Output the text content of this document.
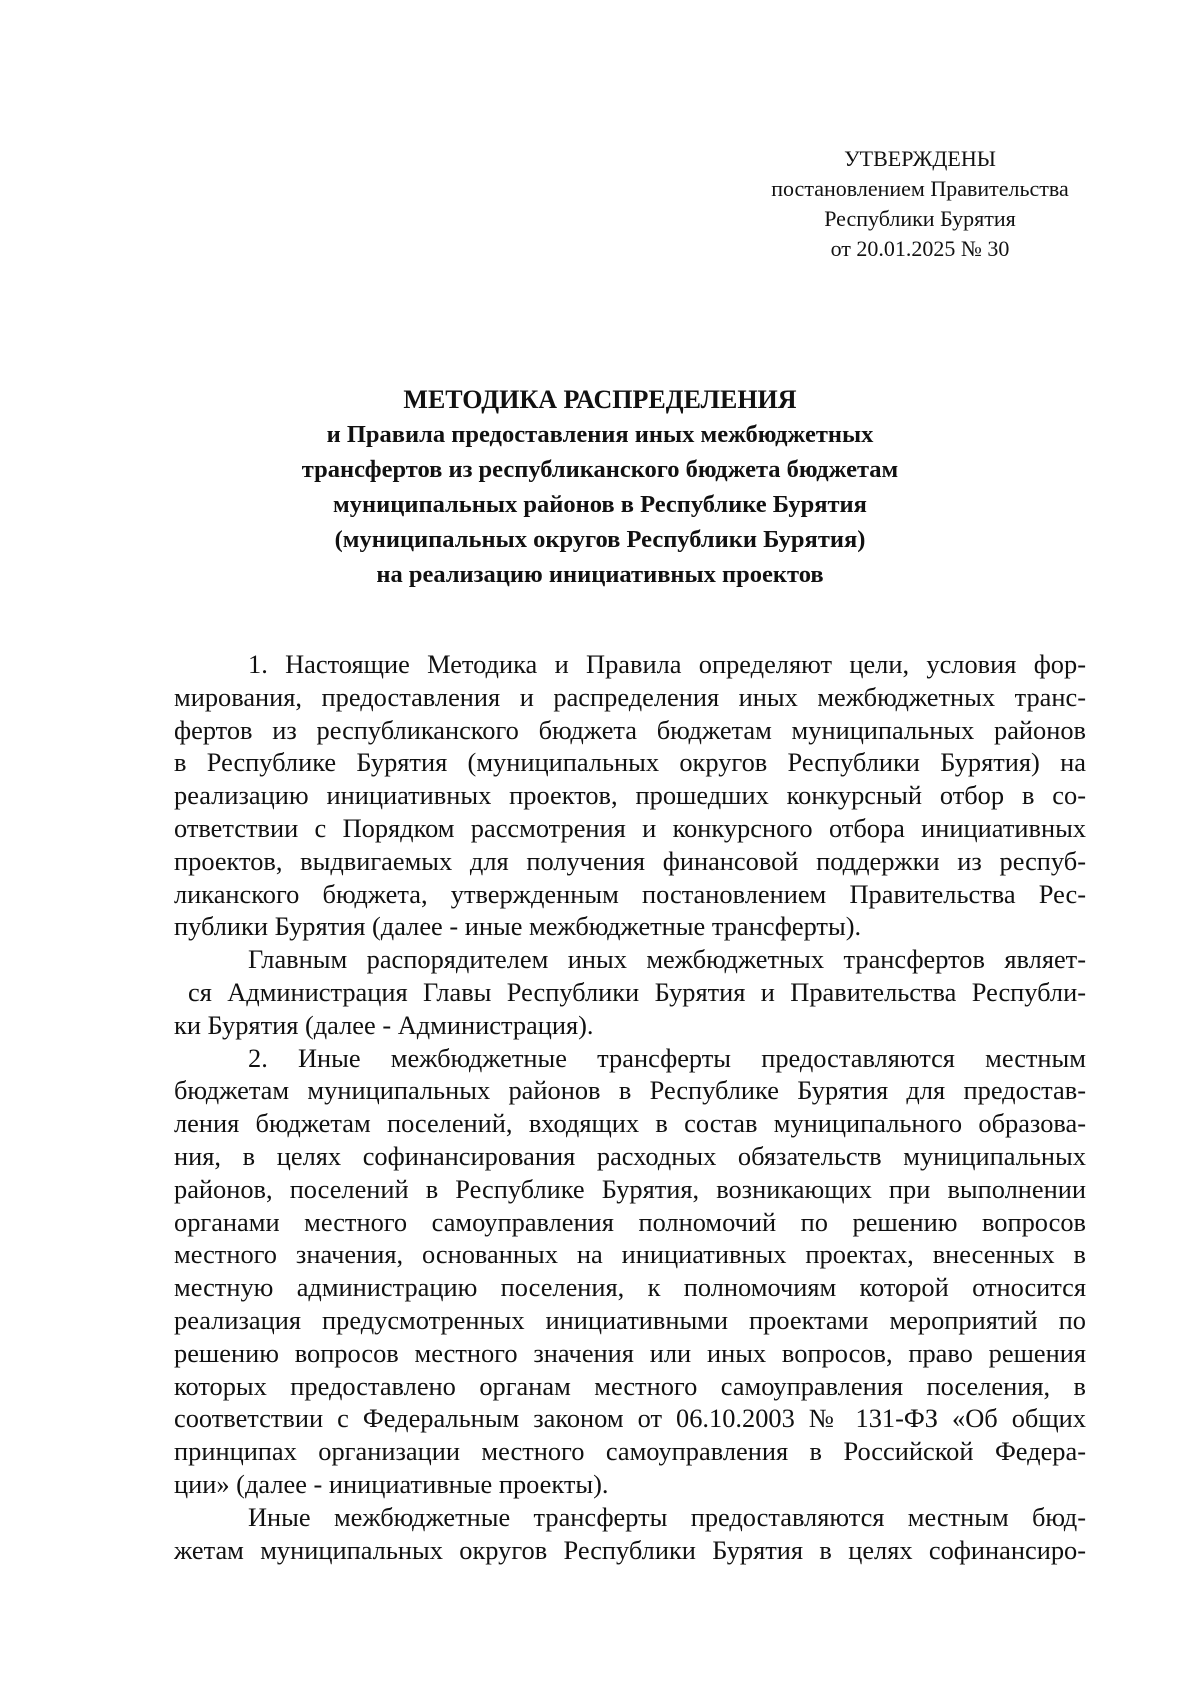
УТВЕРЖДЕНЫ
постановлением Правительства
Республики Бурятия
от 20.01.2025 № 30
МЕТОДИКА РАСПРЕДЕЛЕНИЯ
и Правила предоставления иных межбюджетных
трансфертов из республиканского бюджета бюджетам
муниципальных районов в Республике Бурятия
(муниципальных округов Республики Бурятия)
на реализацию инициативных проектов
1. Настоящие Методика и Правила определяют цели, условия фор-
мирования, предоставления и распределения иных межбюджетных транс-
фертов из республиканского бюджета бюджетам муниципальных районов
в Республике Бурятия (муниципальных округов Республики Бурятия) на
реализацию инициативных проектов, прошедших конкурсный отбор в со-
ответствии с Порядком рассмотрения и конкурсного отбора инициативных
проектов, выдвигаемых для получения финансовой поддержки из респуб-
ликанского бюджета, утвержденным постановлением Правительства Рес-
публики Бурятия (далее - иные межбюджетные трансферты).
Главным распорядителем иных межбюджетных трансфертов являет-
ся Администрация Главы Республики Бурятия и Правительства Республи-
ки Бурятия (далее - Администрация).
2. Иные межбюджетные трансферты предоставляются местным
бюджетам муниципальных районов в Республике Бурятия для предостав-
ления бюджетам поселений, входящих в состав муниципального образова-
ния, в целях софинансирования расходных обязательств муниципальных
районов, поселений в Республике Бурятия, возникающих при выполнении
органами местного самоуправления полномочий по решению вопросов
местного значения, основанных на инициативных проектах, внесенных в
местную администрацию поселения, к полномочиям которой относится
реализация предусмотренных инициативными проектами мероприятий по
решению вопросов местного значения или иных вопросов, право решения
которых предоставлено органам местного самоуправления поселения, в
соответствии с Федеральным законом от 06.10.2003 № 131-ФЗ «Об общих
принципах организации местного самоуправления в Российской Федера-
ции» (далее - инициативные проекты).
Иные межбюджетные трансферты предоставляются местным бюд-
жетам муниципальных округов Республики Бурятия в целях софинансиро-
